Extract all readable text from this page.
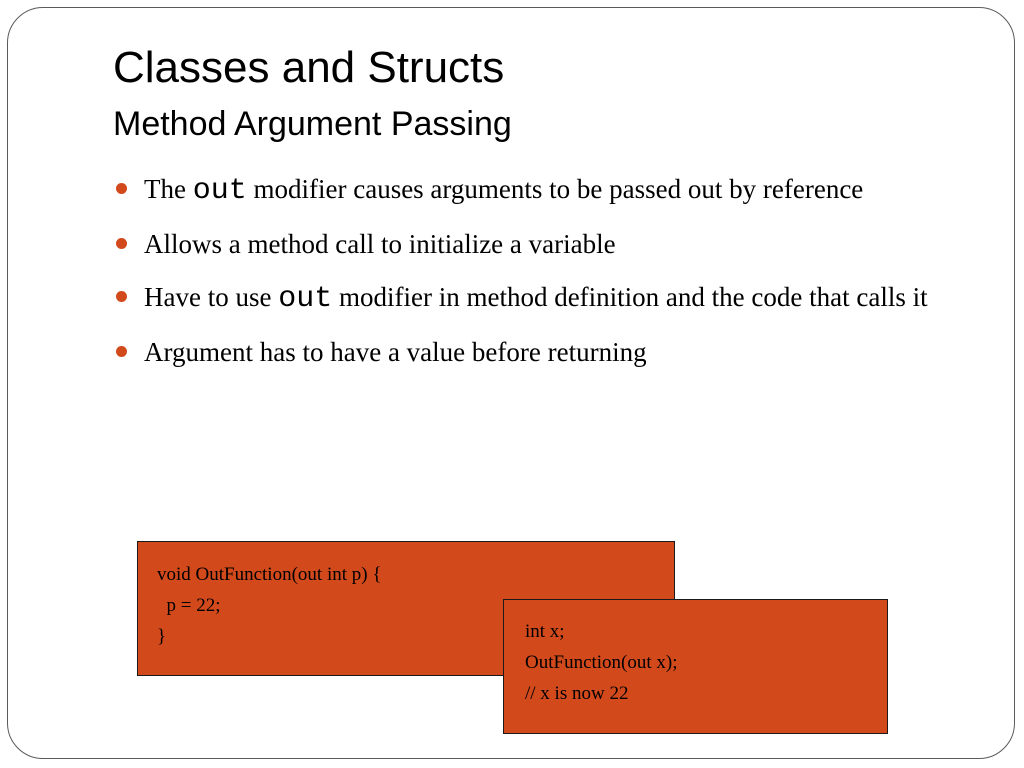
Classes and Structs
Method Argument Passing
The out modifier causes arguments to be passed out by reference
Allows a method call to initialize a variable
Have to use out modifier in method definition and the code that calls it
Argument has to have a value before returning
void OutFunction(out int p) {
p = 22;
}	int x;
OutFunction(out x);
// x is now 22
